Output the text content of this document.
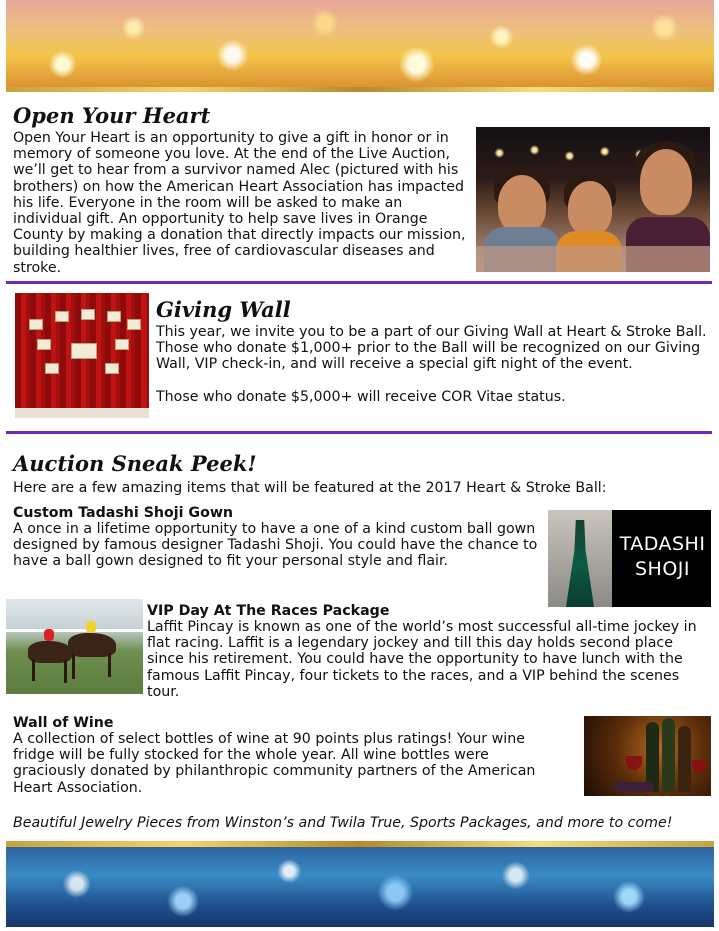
Open Your Heart

Open Your Heart is an opportunity to give a gift in honor or in memory of someone you love. At the end of the Live Auction, we’ll get to hear from a survivor named Alec (pictured with his brothers) on how the American Heart Association has impacted his life. Everyone in the room will be asked to make an individual gift. An opportunity to help save lives in Orange County by making a donation that directly impacts our mission, building healthier lives, free of cardiovascular diseases and stroke.

Giving Wall

This year, we invite you to be a part of our Giving Wall at Heart & Stroke Ball. Those who donate $1,000+ prior to the Ball will be recognized on our Giving Wall, VIP check-in, and will receive a special gift night of the event.

Those who donate $5,000+ will receive COR Vitae status.

Auction Sneak Peek!

Here are a few amazing items that will be featured at the 2017 Heart & Stroke Ball:

Custom Tadashi Shoji Gown

A once in a lifetime opportunity to have a one of a kind custom ball gown designed by famous designer Tadashi Shoji. You could have the chance to have a ball gown designed to fit your personal style and flair.

TADASHI
SHOJI

VIP Day At The Races Package

Laffit Pincay is known as one of the world’s most successful all-time jockey in flat racing. Laffit is a legendary jockey and till this day holds second place since his retirement. You could have the opportunity to have lunch with the famous Laffit Pincay, four tickets to the races, and a VIP behind the scenes tour.

Wall of Wine

A collection of select bottles of wine at 90 points plus ratings! Your wine fridge will be fully stocked for the whole year. All wine bottles were graciously donated by philanthropic community partners of the American Heart Association.

Beautiful Jewelry Pieces from Winston’s and Twila True, Sports Packages, and more to come!
